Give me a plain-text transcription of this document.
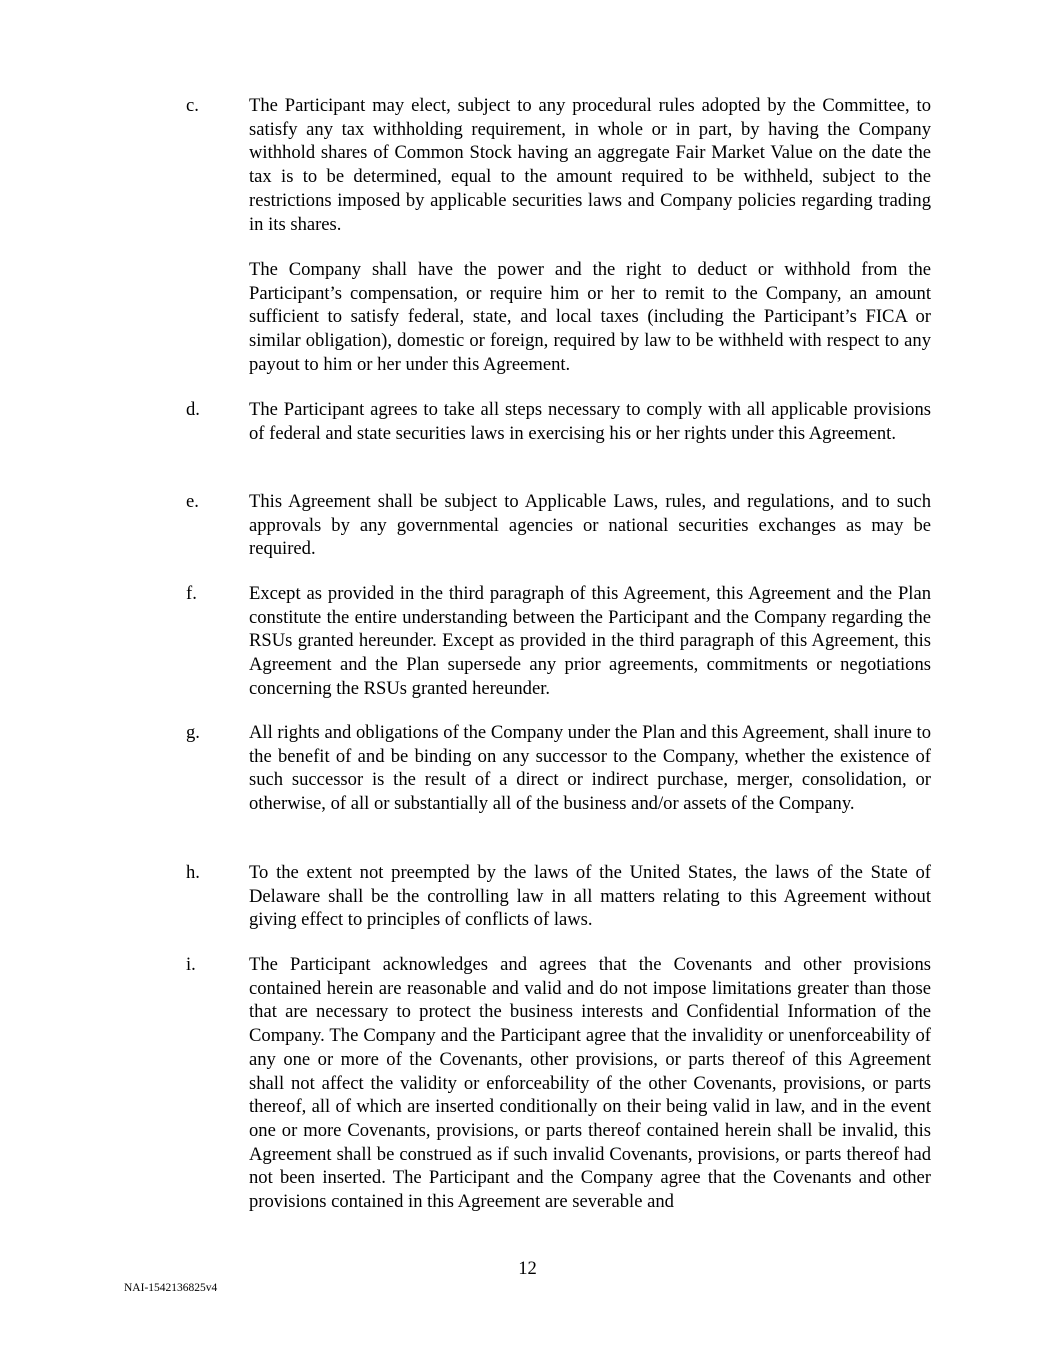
c.	The Participant may elect, subject to any procedural rules adopted by the Committee, to satisfy any tax withholding requirement, in whole or in part, by having the Company withhold shares of Common Stock having an aggregate Fair Market Value on the date the tax is to be determined, equal to the amount required to be withheld, subject to the restrictions imposed by applicable securities laws and Company policies regarding trading in its shares.
The Company shall have the power and the right to deduct or withhold from the Participant’s compensation, or require him or her to remit to the Company, an amount sufficient to satisfy federal, state, and local taxes (including the Participant’s FICA or similar obligation), domestic or foreign, required by law to be withheld with respect to any payout to him or her under this Agreement.
d.	The Participant agrees to take all steps necessary to comply with all applicable provisions of federal and state securities laws in exercising his or her rights under this Agreement.
e.	This Agreement shall be subject to Applicable Laws, rules, and regulations, and to such approvals by any governmental agencies or national securities exchanges as may be required.
f.	Except as provided in the third paragraph of this Agreement, this Agreement and the Plan constitute the entire understanding between the Participant and the Company regarding the RSUs granted hereunder. Except as provided in the third paragraph of this Agreement, this Agreement and the Plan supersede any prior agreements, commitments or negotiations concerning the RSUs granted hereunder.
g.	All rights and obligations of the Company under the Plan and this Agreement, shall inure to the benefit of and be binding on any successor to the Company, whether the existence of such successor is the result of a direct or indirect purchase, merger, consolidation, or otherwise, of all or substantially all of the business and/or assets of the Company.
h.	To the extent not preempted by the laws of the United States, the laws of the State of Delaware shall be the controlling law in all matters relating to this Agreement without giving effect to principles of conflicts of laws.
i.	The Participant acknowledges and agrees that the Covenants and other provisions contained herein are reasonable and valid and do not impose limitations greater than those that are necessary to protect the business interests and Confidential Information of the Company. The Company and the Participant agree that the invalidity or unenforceability of any one or more of the Covenants, other provisions, or parts thereof of this Agreement shall not affect the validity or enforceability of the other Covenants, provisions, or parts thereof, all of which are inserted conditionally on their being valid in law, and in the event one or more Covenants, provisions, or parts thereof contained herein shall be invalid, this Agreement shall be construed as if such invalid Covenants, provisions, or parts thereof had not been inserted. The Participant and the Company agree that the Covenants and other provisions contained in this Agreement are severable and
12
NAI-1542136825v4
